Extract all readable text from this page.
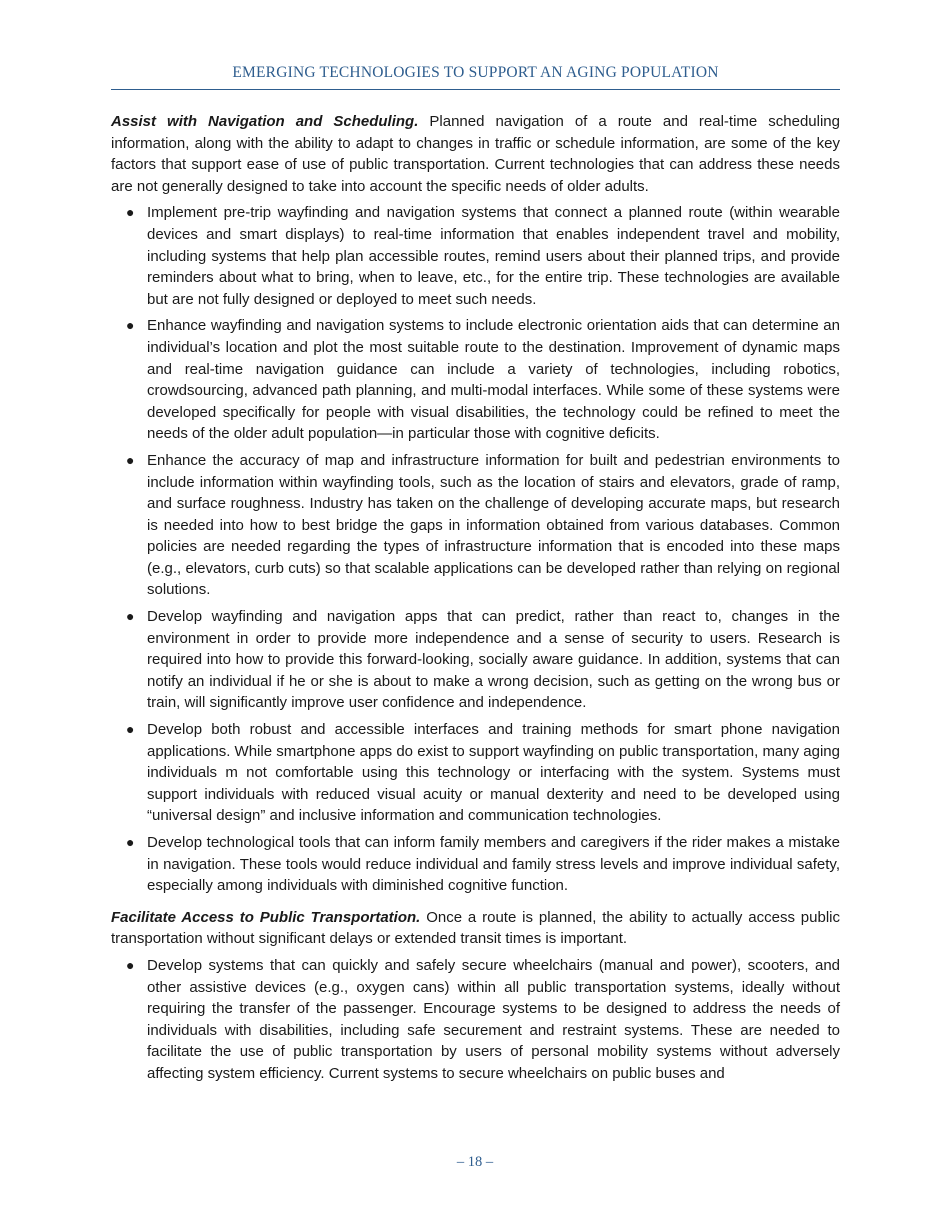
EMERGING TECHNOLOGIES TO SUPPORT AN AGING POPULATION

Assist with Navigation and Scheduling. Planned navigation of a route and real-time scheduling information, along with the ability to adapt to changes in traffic or schedule information, are some of the key factors that support ease of use of public transportation. Current technologies that can address these needs are not generally designed to take into account the specific needs of older adults.

● Implement pre-trip wayfinding and navigation systems that connect a planned route (within wearable devices and smart displays) to real-time information that enables independent travel and mobility, including systems that help plan accessible routes, remind users about their planned trips, and provide reminders about what to bring, when to leave, etc., for the entire trip. These technologies are available but are not fully designed or deployed to meet such needs.
● Enhance wayfinding and navigation systems to include electronic orientation aids that can determine an individual’s location and plot the most suitable route to the destination. Improvement of dynamic maps and real-time navigation guidance can include a variety of technologies, including robotics, crowdsourcing, advanced path planning, and multi-modal interfaces. While some of these systems were developed specifically for people with visual disabilities, the technology could be refined to meet the needs of the older adult population—in particular those with cognitive deficits.
● Enhance the accuracy of map and infrastructure information for built and pedestrian environments to include information within wayfinding tools, such as the location of stairs and elevators, grade of ramp, and surface roughness. Industry has taken on the challenge of developing accurate maps, but research is needed into how to best bridge the gaps in information obtained from various databases. Common policies are needed regarding the types of infrastructure information that is encoded into these maps (e.g., elevators, curb cuts) so that scalable applications can be developed rather than relying on regional solutions.
● Develop wayfinding and navigation apps that can predict, rather than react to, changes in the environment in order to provide more independence and a sense of security to users. Research is required into how to provide this forward-looking, socially aware guidance. In addition, systems that can notify an individual if he or she is about to make a wrong decision, such as getting on the wrong bus or train, will significantly improve user confidence and independence.
● Develop both robust and accessible interfaces and training methods for smart phone navigation applications. While smartphone apps do exist to support wayfinding on public transportation, many aging individuals m not comfortable using this technology or interfacing with the system. Systems must support individuals with reduced visual acuity or manual dexterity and need to be developed using “universal design” and inclusive information and communication technologies.
● Develop technological tools that can inform family members and caregivers if the rider makes a mistake in navigation. These tools would reduce individual and family stress levels and improve individual safety, especially among individuals with diminished cognitive function.

Facilitate Access to Public Transportation. Once a route is planned, the ability to actually access public transportation without significant delays or extended transit times is important.

● Develop systems that can quickly and safely secure wheelchairs (manual and power), scooters, and other assistive devices (e.g., oxygen cans) within all public transportation systems, ideally without requiring the transfer of the passenger. Encourage systems to be designed to address the needs of individuals with disabilities, including safe securement and restraint systems. These are needed to facilitate the use of public transportation by users of personal mobility systems without adversely affecting system efficiency. Current systems to secure wheelchairs on public buses and
– 18 –
